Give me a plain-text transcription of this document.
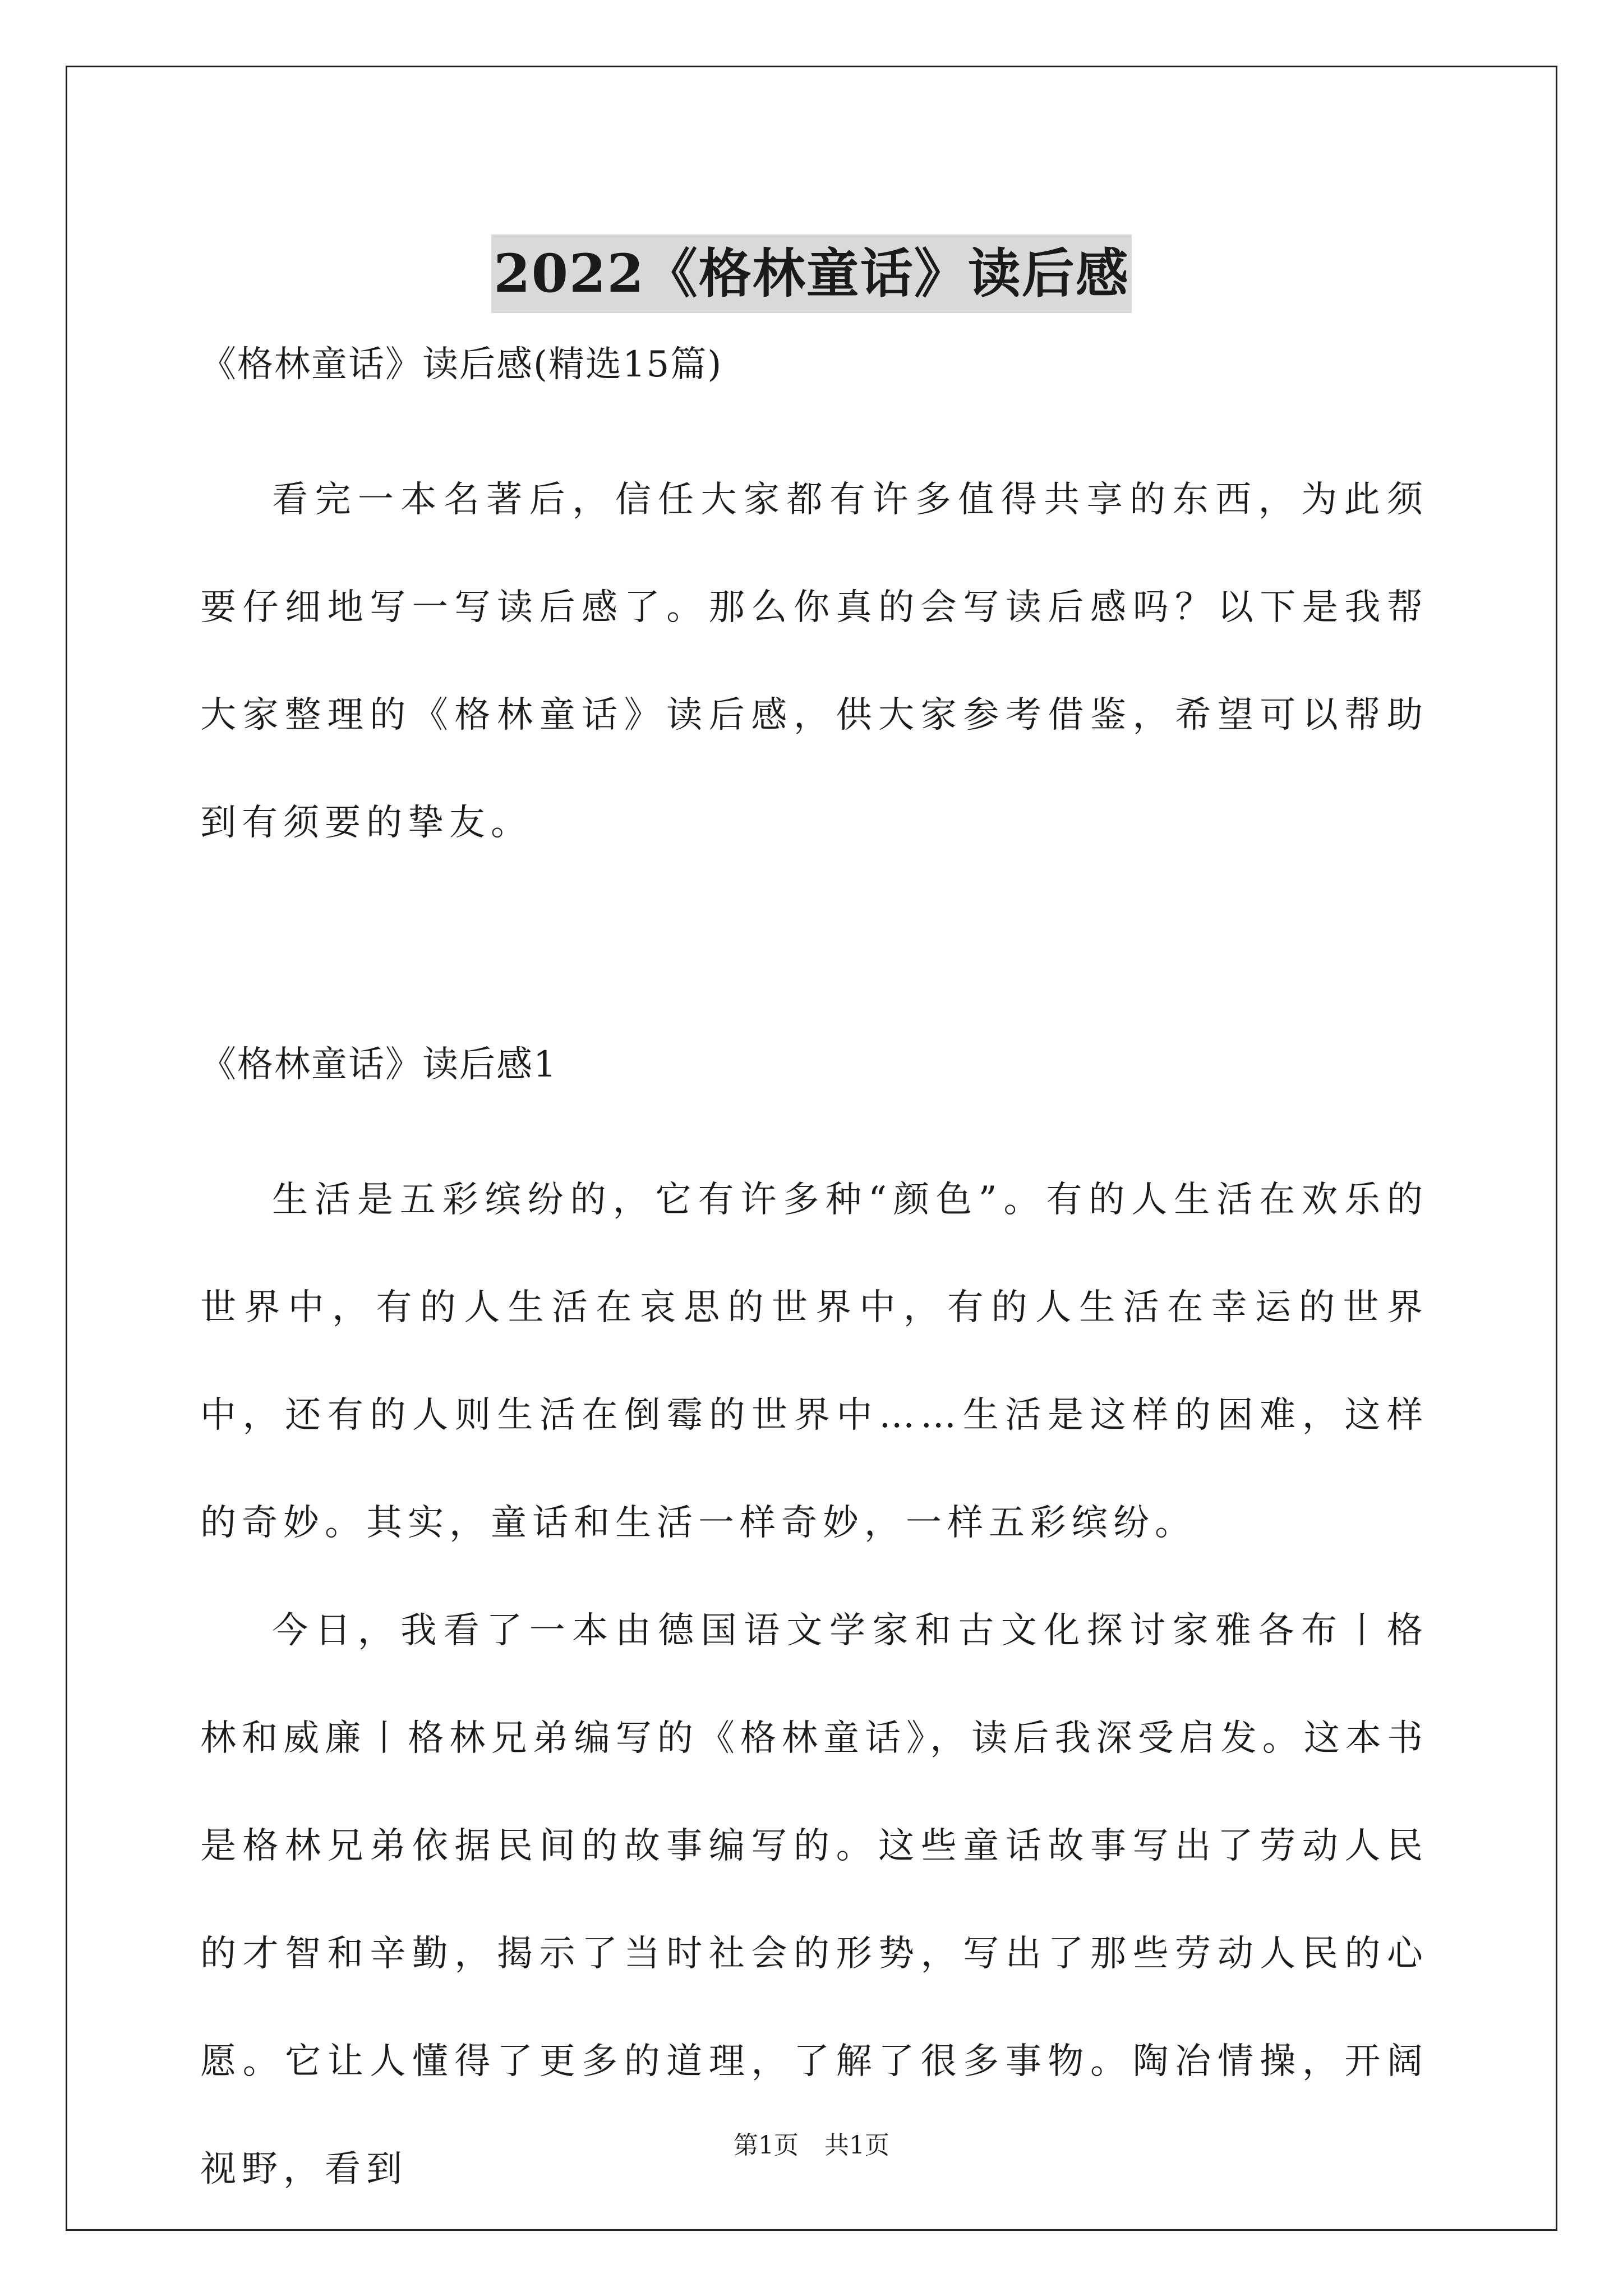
2022《格林童话》读后感

《格林童话》读后感(精选15篇)

看完一本名著后，信任大家都有许多值得共享的东西，为此须要仔细地写一写读后感了。那么你真的会写读后感吗？以下是我帮大家整理的《格林童话》读后感，供大家参考借鉴，希望可以帮助到有须要的挚友。

《格林童话》读后感1

生活是五彩缤纷的，它有许多种“颜色”。有的人生活在欢乐的世界中，有的人生活在哀思的世界中，有的人生活在幸运的世界中，还有的人则生活在倒霉的世界中……生活是这样的困难，这样的奇妙。其实，童话和生活一样奇妙，一样五彩缤纷。

今日，我看了一本由德国语文学家和古文化探讨家雅各布丨格林和威廉丨格林兄弟编写的《格林童话》，读后我深受启发。这本书是格林兄弟依据民间的故事编写的。这些童话故事写出了劳动人民的才智和辛勤，揭示了当时社会的形势，写出了那些劳动人民的心愿。它让人懂得了更多的道理，了解了很多事物。陶冶情操，开阔视野，看到

第1页 共1页
